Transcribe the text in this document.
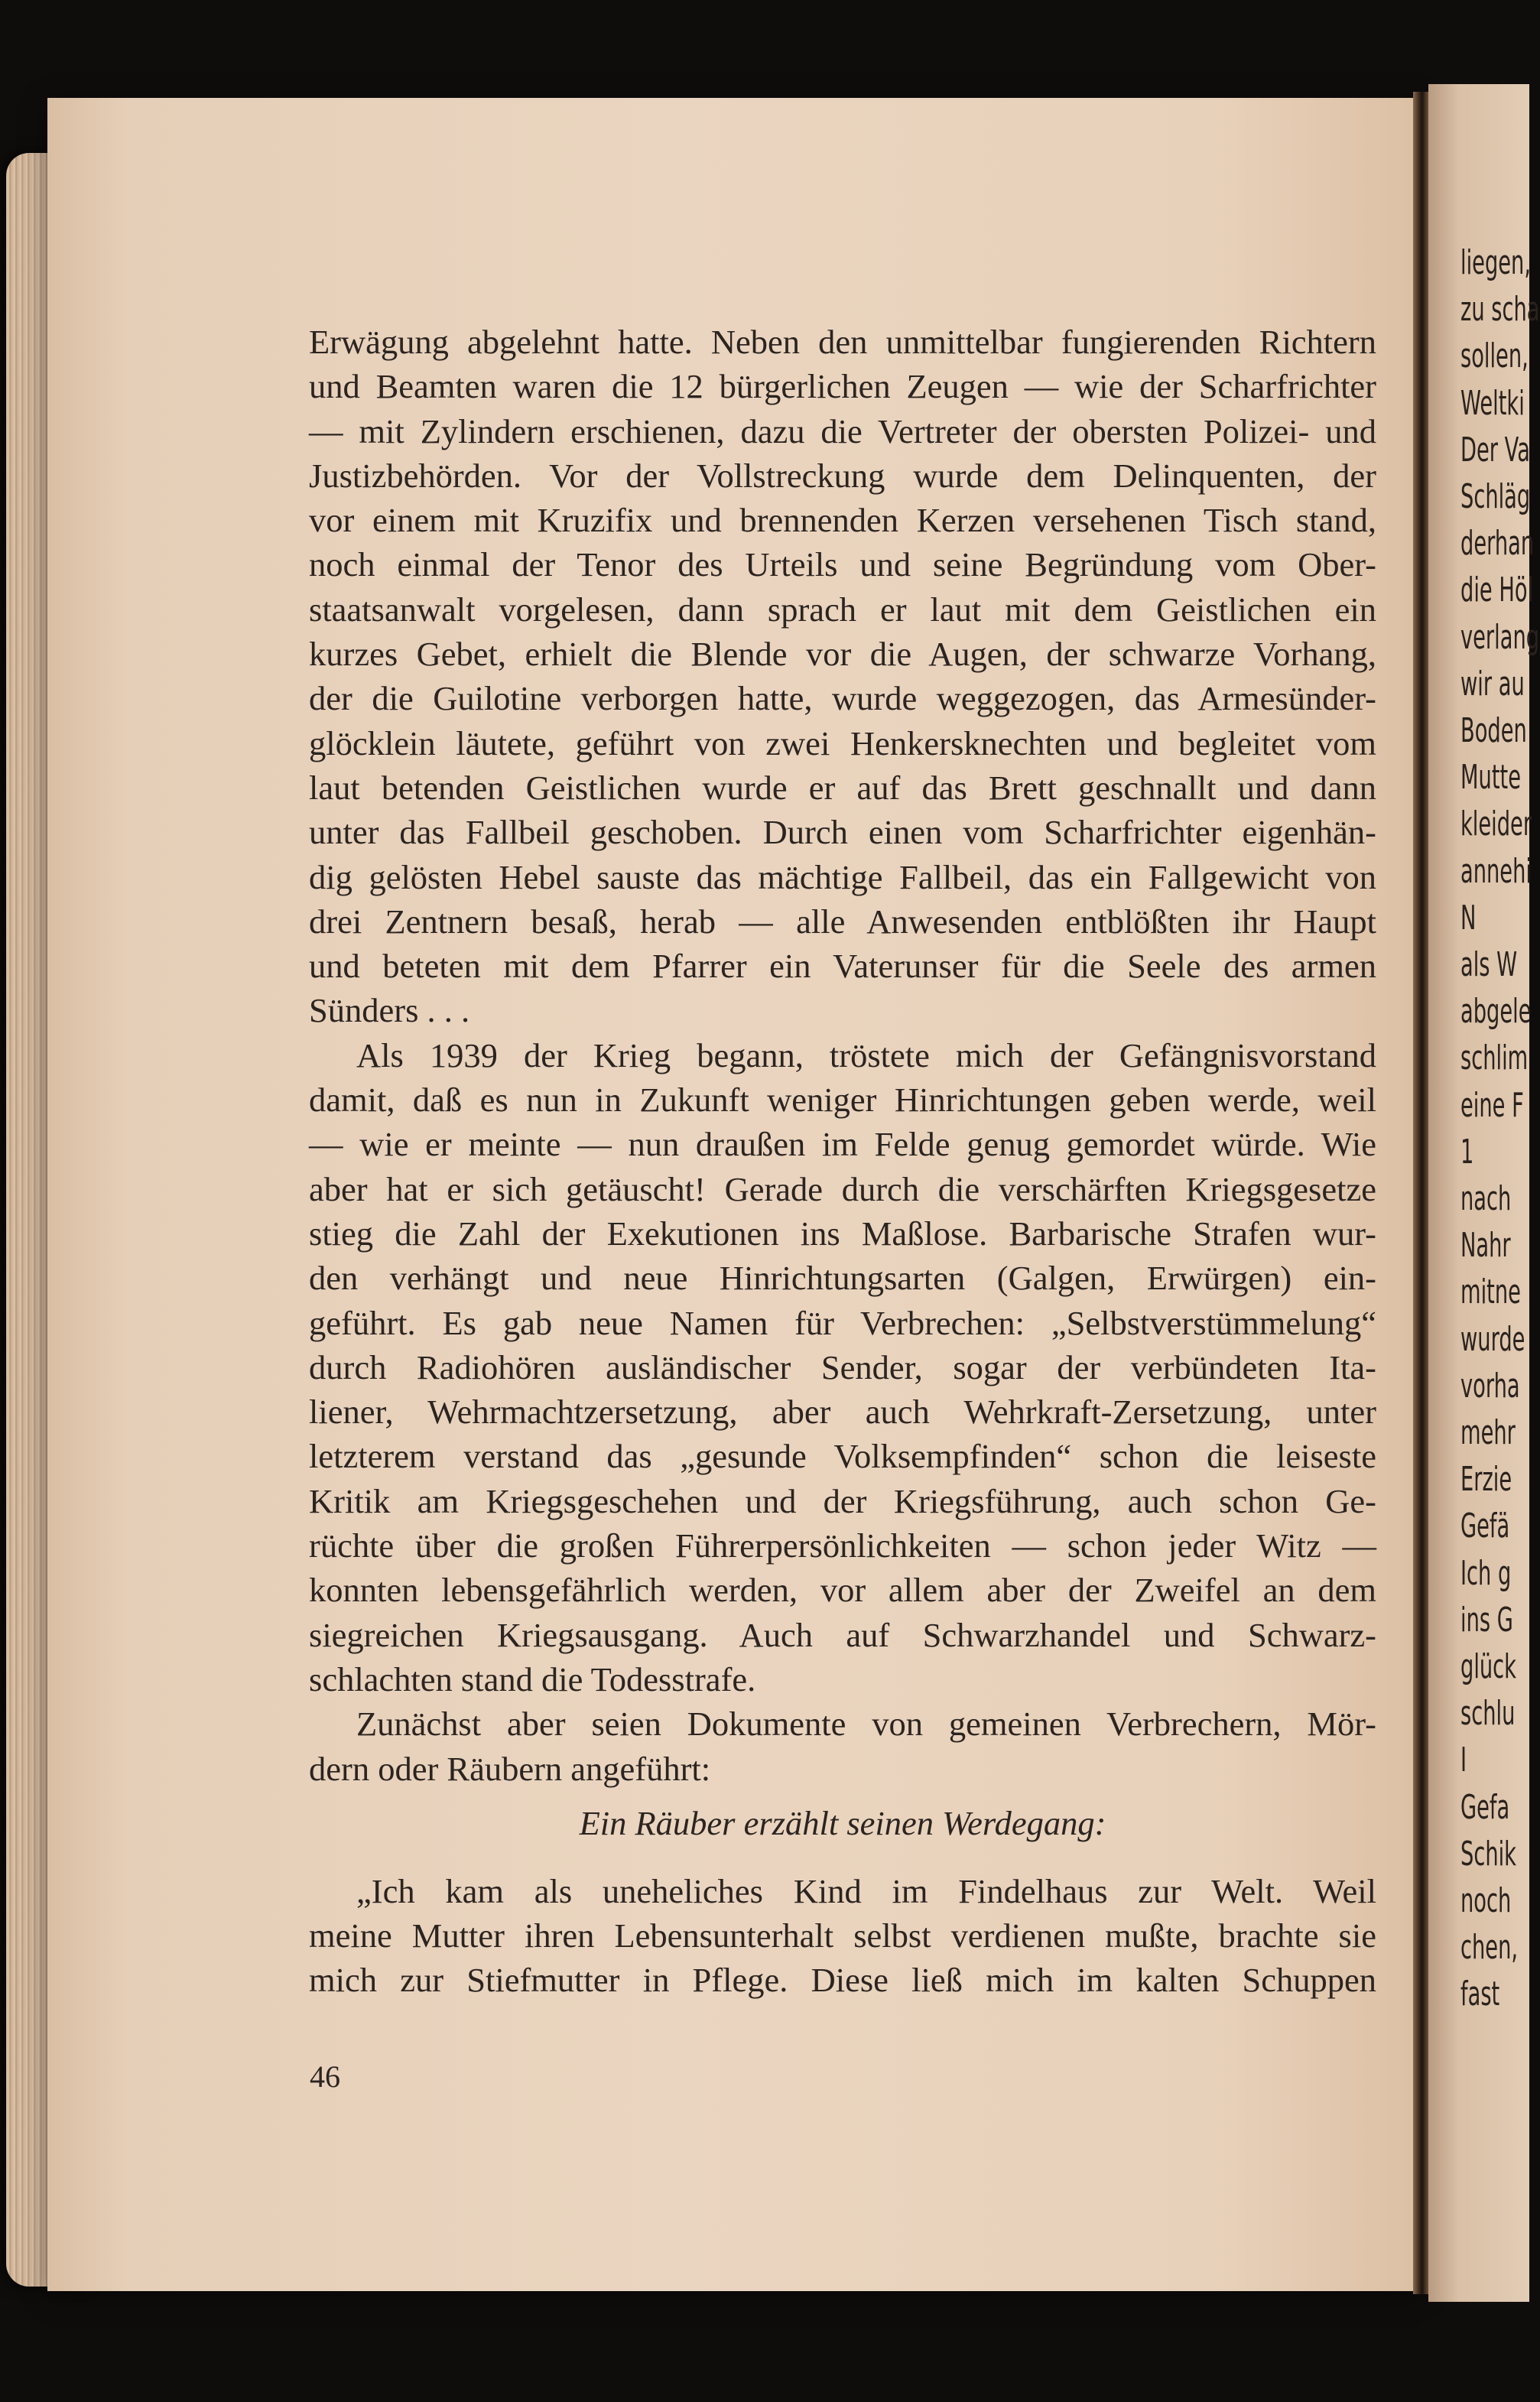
liegen,
zu scha
sollen,
Weltki
Der Va
Schläg
derhan
die Höl
verlang
wir au
Boden
Mutte
kleider
annehi
N
als W
abgele
schlim
eine F
1
nach
Nahr
mitne
wurde
vorha
mehr
Erzie
Gefä
Ich g
ins G
glück
schlu
I
Gefa
Schik
noch
chen,
fast
Erwägung abgelehnt hatte. Neben den unmittelbar fungierenden Richtern
und Beamten waren die 12 bürgerlichen Zeugen — wie der Scharfrichter
— mit Zylindern erschienen, dazu die Vertreter der obersten Polizei- und
Justizbehörden. Vor der Vollstreckung wurde dem Delinquenten, der
vor einem mit Kruzifix und brennenden Kerzen versehenen Tisch stand,
noch einmal der Tenor des Urteils und seine Begründung vom Ober-
staatsanwalt vorgelesen, dann sprach er laut mit dem Geistlichen ein
kurzes Gebet, erhielt die Blende vor die Augen, der schwarze Vorhang,
der die Guilotine verborgen hatte, wurde weggezogen, das Armesünder-
glöcklein läutete, geführt von zwei Henkersknechten und begleitet vom
laut betenden Geistlichen wurde er auf das Brett geschnallt und dann
unter das Fallbeil geschoben. Durch einen vom Scharfrichter eigenhän-
dig gelösten Hebel sauste das mächtige Fallbeil, das ein Fallgewicht von
drei Zentnern besaß, herab — alle Anwesenden entblößten ihr Haupt
und beteten mit dem Pfarrer ein Vaterunser für die Seele des armen
Sünders . . .
Als 1939 der Krieg begann, tröstete mich der Gefängnisvorstand
damit, daß es nun in Zukunft weniger Hinrichtungen geben werde, weil
— wie er meinte — nun draußen im Felde genug gemordet würde. Wie
aber hat er sich getäuscht! Gerade durch die verschärften Kriegsgesetze
stieg die Zahl der Exekutionen ins Maßlose. Barbarische Strafen wur-
den verhängt und neue Hinrichtungsarten (Galgen, Erwürgen) ein-
geführt. Es gab neue Namen für Verbrechen: „Selbstverstümmelung“
durch Radiohören ausländischer Sender, sogar der verbündeten Ita-
liener, Wehrmachtzersetzung, aber auch Wehrkraft-Zersetzung, unter
letzterem verstand das „gesunde Volksempfinden“ schon die leiseste
Kritik am Kriegsgeschehen und der Kriegsführung, auch schon Ge-
rüchte über die großen Führerpersönlichkeiten — schon jeder Witz —
konnten lebensgefährlich werden, vor allem aber der Zweifel an dem
siegreichen Kriegsausgang. Auch auf Schwarzhandel und Schwarz-
schlachten stand die Todesstrafe.
Zunächst aber seien Dokumente von gemeinen Verbrechern, Mör-
dern oder Räubern angeführt:
Ein Räuber erzählt seinen Werdegang:
„Ich kam als uneheliches Kind im Findelhaus zur Welt. Weil
meine Mutter ihren Lebensunterhalt selbst verdienen mußte, brachte sie
mich zur Stiefmutter in Pflege. Diese ließ mich im kalten Schuppen
46
